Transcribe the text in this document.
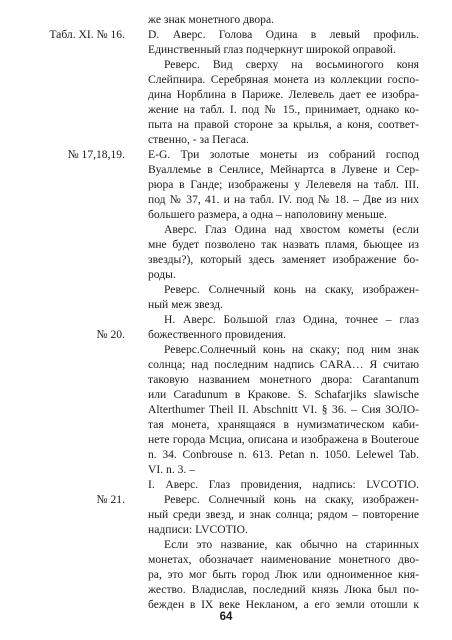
Табл. XI. № 16.
№ 17,18,19.
№ 20.
№ 21.
же знак монетного двора.
D. Аверс. Голова Одина в левый профиль.
Единственный глаз подчеркнут широкой оправой.
Реверс. Вид сверху на восьминогого коня
Слейпнира. Серебряная монета из коллекции госпо-
дина Норблина в Париже. Лелевель дает ее изобра-
жение на табл. I. под № 15., принимает, однако ко-
пыта на правой стороне за крылья, а коня, соответ-
ственно, - за Пегаса.
E-G. Три золотые монеты из собраний господ
Вуаллемье в Сенлисе, Мейнартса в Лувене и Сер-
рюра в Ганде; изображены у Лелевеля на табл. III.
под № 37, 41. и на табл. IV. под № 18. – Две из них
большего размера, а одна – наполовину меньше.
Аверс. Глаз Одина над хвостом кометы (если
мне будет позволено так назвать пламя, бьющее из
звезды?), который здесь заменяет изображение бо-
роды.
Реверс. Солнечный конь на скаку, изображен-
ный меж звезд.
H. Аверс. Большой глаз Одина, точнее – глаз
божественного провидения.
Реверс.Солнечный конь на скаку; под ним знак
солнца; над последним надпись CARA… Я считаю
таковую названием монетного двора: Carantanum
или Caradunum в Кракове. S. Schafarjiks slawische
Alterthumer Theil II. Abschnitt VI. § 36. – Сия ЗОЛО-
тая монета, хранящаяся в нумизматическом каби-
нете города Мсциа, описана и изображена в Bouteroue
n. 34. Conbrouse n. 613. Petan n. 1050. Lelewel Tab.
VI. n. 3. –
I. Аверс. Глаз провидения, надпись: LVCOTIO.
Реверс. Солнечный конь на скаку, изображен-
ный среди звезд, и знак солнца; рядом – повторение
надписи: LVCOTIO.
Если это название, как обычно на старинных
монетах, обозначает наименование монетного дво-
ра, это мог быть город Люк или одноименное кня-
жество. Владислав, последний князь Люка был по-
бежден в IX веке Некланом, а его земли отошли к
64
